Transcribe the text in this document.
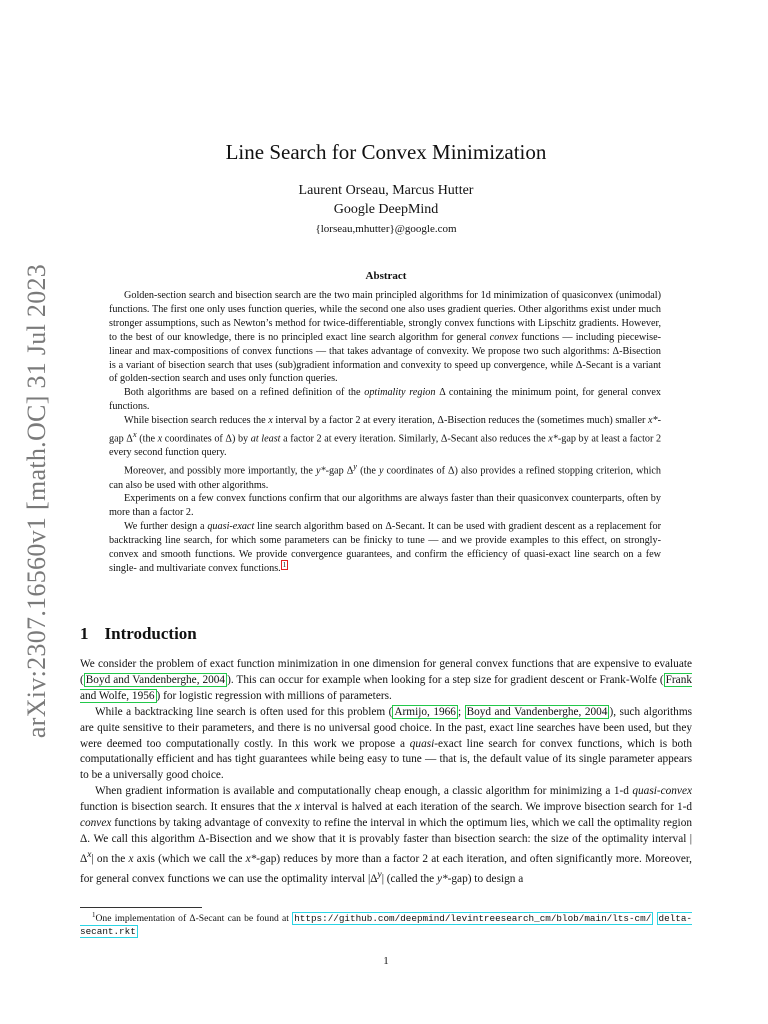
arXiv:2307.16560v1 [math.OC] 31 Jul 2023
Line Search for Convex Minimization
Laurent Orseau, Marcus Hutter
Google DeepMind
{lorseau,mhutter}@google.com
Abstract

Golden-section search and bisection search are the two main principled algorithms for 1d minimization of quasiconvex (unimodal) functions. The first one only uses function queries, while the second one also uses gradient queries. Other algorithms exist under much stronger assumptions, such as Newton’s method for twice-differentiable, strongly convex functions with Lipschitz gradients. However, to the best of our knowledge, there is no principled exact line search algorithm for general convex functions — including piecewise-linear and max-compositions of convex functions — that takes advantage of convexity. We propose two such algorithms: Δ-Bisection is a variant of bisection search that uses (sub)gradient information and convexity to speed up convergence, while Δ-Secant is a variant of golden-section search and uses only function queries.

Both algorithms are based on a refined definition of the optimality region Δ containing the minimum point, for general convex functions.

While bisection search reduces the x interval by a factor 2 at every iteration, Δ-Bisection reduces the (sometimes much) smaller x*-gap $\Delta^x$ (the x coordinates of Δ) by at least a factor 2 at every iteration. Similarly, Δ-Secant also reduces the x*-gap by at least a factor 2 every second function query.

Moreover, and possibly more importantly, the y*-gap $\Delta^y$ (the y coordinates of Δ) also provides a refined stopping criterion, which can also be used with other algorithms.

Experiments on a few convex functions confirm that our algorithms are always faster than their quasiconvex counterparts, often by more than a factor 2.

We further design a quasi-exact line search algorithm based on Δ-Secant. It can be used with gradient descent as a replacement for backtracking line search, for which some parameters can be finicky to tune — and we provide examples to this effect, on strongly-convex and smooth functions. We provide convergence guarantees, and confirm the efficiency of quasi-exact line search on a few single- and multivariate convex functions. $^1$

1 Introduction

We consider the problem of exact function minimization in one dimension for general convex functions that are expensive to evaluate ( Boyd and Vandenberghe, 2004 ). This can occur for example when looking for a step size for gradient descent or Frank-Wolfe ( Frank and Wolfe, 1956 ) for logistic regression with millions of parameters.

While a backtracking line search is often used for this problem ( Armijo, 1966 ; Boyd and Vandenberghe, 2004 ), such algorithms are quite sensitive to their parameters, and there is no universal good choice. In the past, exact line searches have been used, but they were deemed too computationally costly. In this work we propose a quasi-exact line search for convex functions, which is both computationally efficient and has tight guarantees while being easy to tune — that is, the default value of its single parameter appears to be a universally good choice.

When gradient information is available and computationally cheap enough, a classic algorithm for minimizing a 1-d quasi-convex function is bisection search. It ensures that the x interval is halved at each iteration of the search. We improve bisection search for 1-d convex functions by taking advantage of convexity to refine the interval in which the optimum lies, which we call the optimality region Δ. We call this algorithm Δ-Bisection and we show that it is provably faster than bisection search: the size of the optimality interval $|\Delta^x|$ on the x axis (which we call the x*-gap) reduces by more than a factor 2 at each iteration, and often significantly more. Moreover, for general convex functions we can use the optimality interval $|\Delta^y|$ (called the y*-gap) to design a

$^1$One implementation of Δ-Secant can be found at https://github.com/deepmind/levintreesearch_cm/blob/main/lts-cm/ delta-secant.rkt
1
